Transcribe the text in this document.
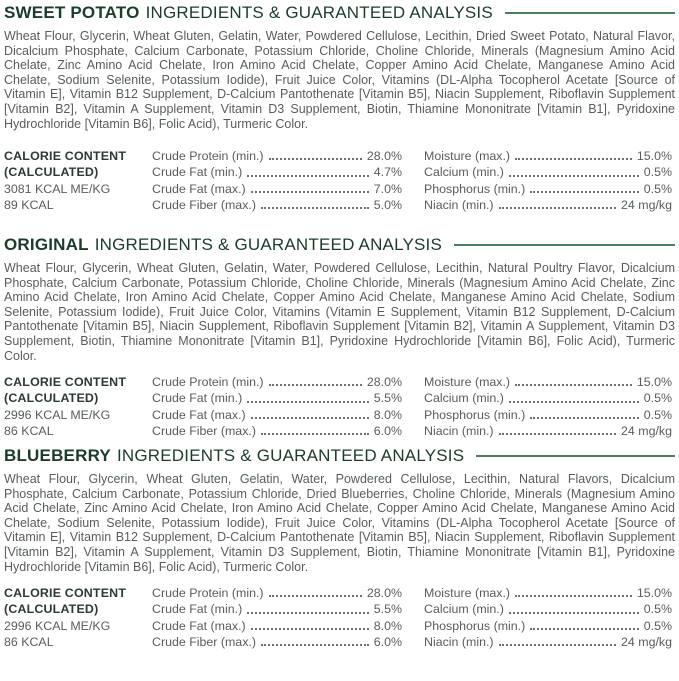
SWEET POTATO INGREDIENTS & GUARANTEED ANALYSIS

Wheat Flour, Glycerin, Wheat Gluten, Gelatin, Water, Powdered Cellulose, Lecithin, Dried Sweet Potato, Natural Flavor, Dicalcium Phosphate, Calcium Carbonate, Potassium Chloride, Choline Chloride, Minerals (Magnesium Amino Acid Chelate, Zinc Amino Acid Chelate, Iron Amino Acid Chelate, Copper Amino Acid Chelate, Manganese Amino Acid Chelate, Sodium Selenite, Potassium Iodide), Fruit Juice Color, Vitamins (DL-Alpha Tocopherol Acetate [Source of Vitamin E], Vitamin B12 Supplement, D-Calcium Pantothenate [Vitamin B5], Niacin Supplement, Riboflavin Supplement [Vitamin B2], Vitamin A Supplement, Vitamin D3 Supplement, Biotin, Thiamine Mononitrate [Vitamin B1], Pyridoxine Hydrochloride [Vitamin B6], Folic Acid), Turmeric Color.

CALORIE CONTENT
(CALCULATED)
3081 KCAL ME/KG
89 KCAL
Crude Protein (min.)	28.0%
Crude Fat (min.)	4.7%
Crude Fat (max.)	7.0%
Crude Fiber (max.)	5.0%
Moisture (max.)	15.0%
Calcium (min.)	0.5%
Phosphorus (min.)	0.5%
Niacin (min.)	24 mg/kg
ORIGINAL INGREDIENTS & GUARANTEED ANALYSIS

Wheat Flour, Glycerin, Wheat Gluten, Gelatin, Water, Powdered Cellulose, Lecithin, Natural Poultry Flavor, Dicalcium Phosphate, Calcium Carbonate, Potassium Chloride, Choline Chloride, Minerals (Magnesium Amino Acid Chelate, Zinc Amino Acid Chelate, Iron Amino Acid Chelate, Copper Amino Acid Chelate, Manganese Amino Acid Chelate, Sodium Selenite, Potassium Iodide), Fruit Juice Color, Vitamins (Vitamin E Supplement, Vitamin B12 Supplement, D-Calcium Pantothenate [Vitamin B5], Niacin Supplement, Riboflavin Supplement [Vitamin B2], Vitamin A Supplement, Vitamin D3 Supplement, Biotin, Thiamine Mononitrate [Vitamin B1], Pyridoxine Hydrochloride [Vitamin B6], Folic Acid), Turmeric Color.

CALORIE CONTENT
(CALCULATED)
2996 KCAL ME/KG
86 KCAL
Crude Protein (min.)	28.0%
Crude Fat (min.)	5.5%
Crude Fat (max.)	8.0%
Crude Fiber (max.)	6.0%
Moisture (max.)	15.0%
Calcium (min.)	0.5%
Phosphorus (min.)	0.5%
Niacin (min.)	24 mg/kg
BLUEBERRY INGREDIENTS & GUARANTEED ANALYSIS

Wheat Flour, Glycerin, Wheat Gluten, Gelatin, Water, Powdered Cellulose, Lecithin, Natural Flavors, Dicalcium Phosphate, Calcium Carbonate, Potassium Chloride, Dried Blueberries, Choline Chloride, Minerals (Magnesium Amino Acid Chelate, Zinc Amino Acid Chelate, Iron Amino Acid Chelate, Copper Amino Acid Chelate, Manganese Amino Acid Chelate, Sodium Selenite, Potassium Iodide), Fruit Juice Color, Vitamins (DL-Alpha Tocopherol Acetate [Source of Vitamin E], Vitamin B12 Supplement, D-Calcium Pantothenate [Vitamin B5], Niacin Supplement, Riboflavin Supplement [Vitamin B2], Vitamin A Supplement, Vitamin D3 Supplement, Biotin, Thiamine Mononitrate [Vitamin B1], Pyridoxine Hydrochloride [Vitamin B6], Folic Acid), Turmeric Color.

CALORIE CONTENT
(CALCULATED)
2996 KCAL ME/KG
86 KCAL
Crude Protein (min.)	28.0%
Crude Fat (min.)	5.5%
Crude Fat (max.)	8.0%
Crude Fiber (max.)	6.0%
Moisture (max.)	15.0%
Calcium (min.)	0.5%
Phosphorus (min.)	0.5%
Niacin (min.)	24 mg/kg
